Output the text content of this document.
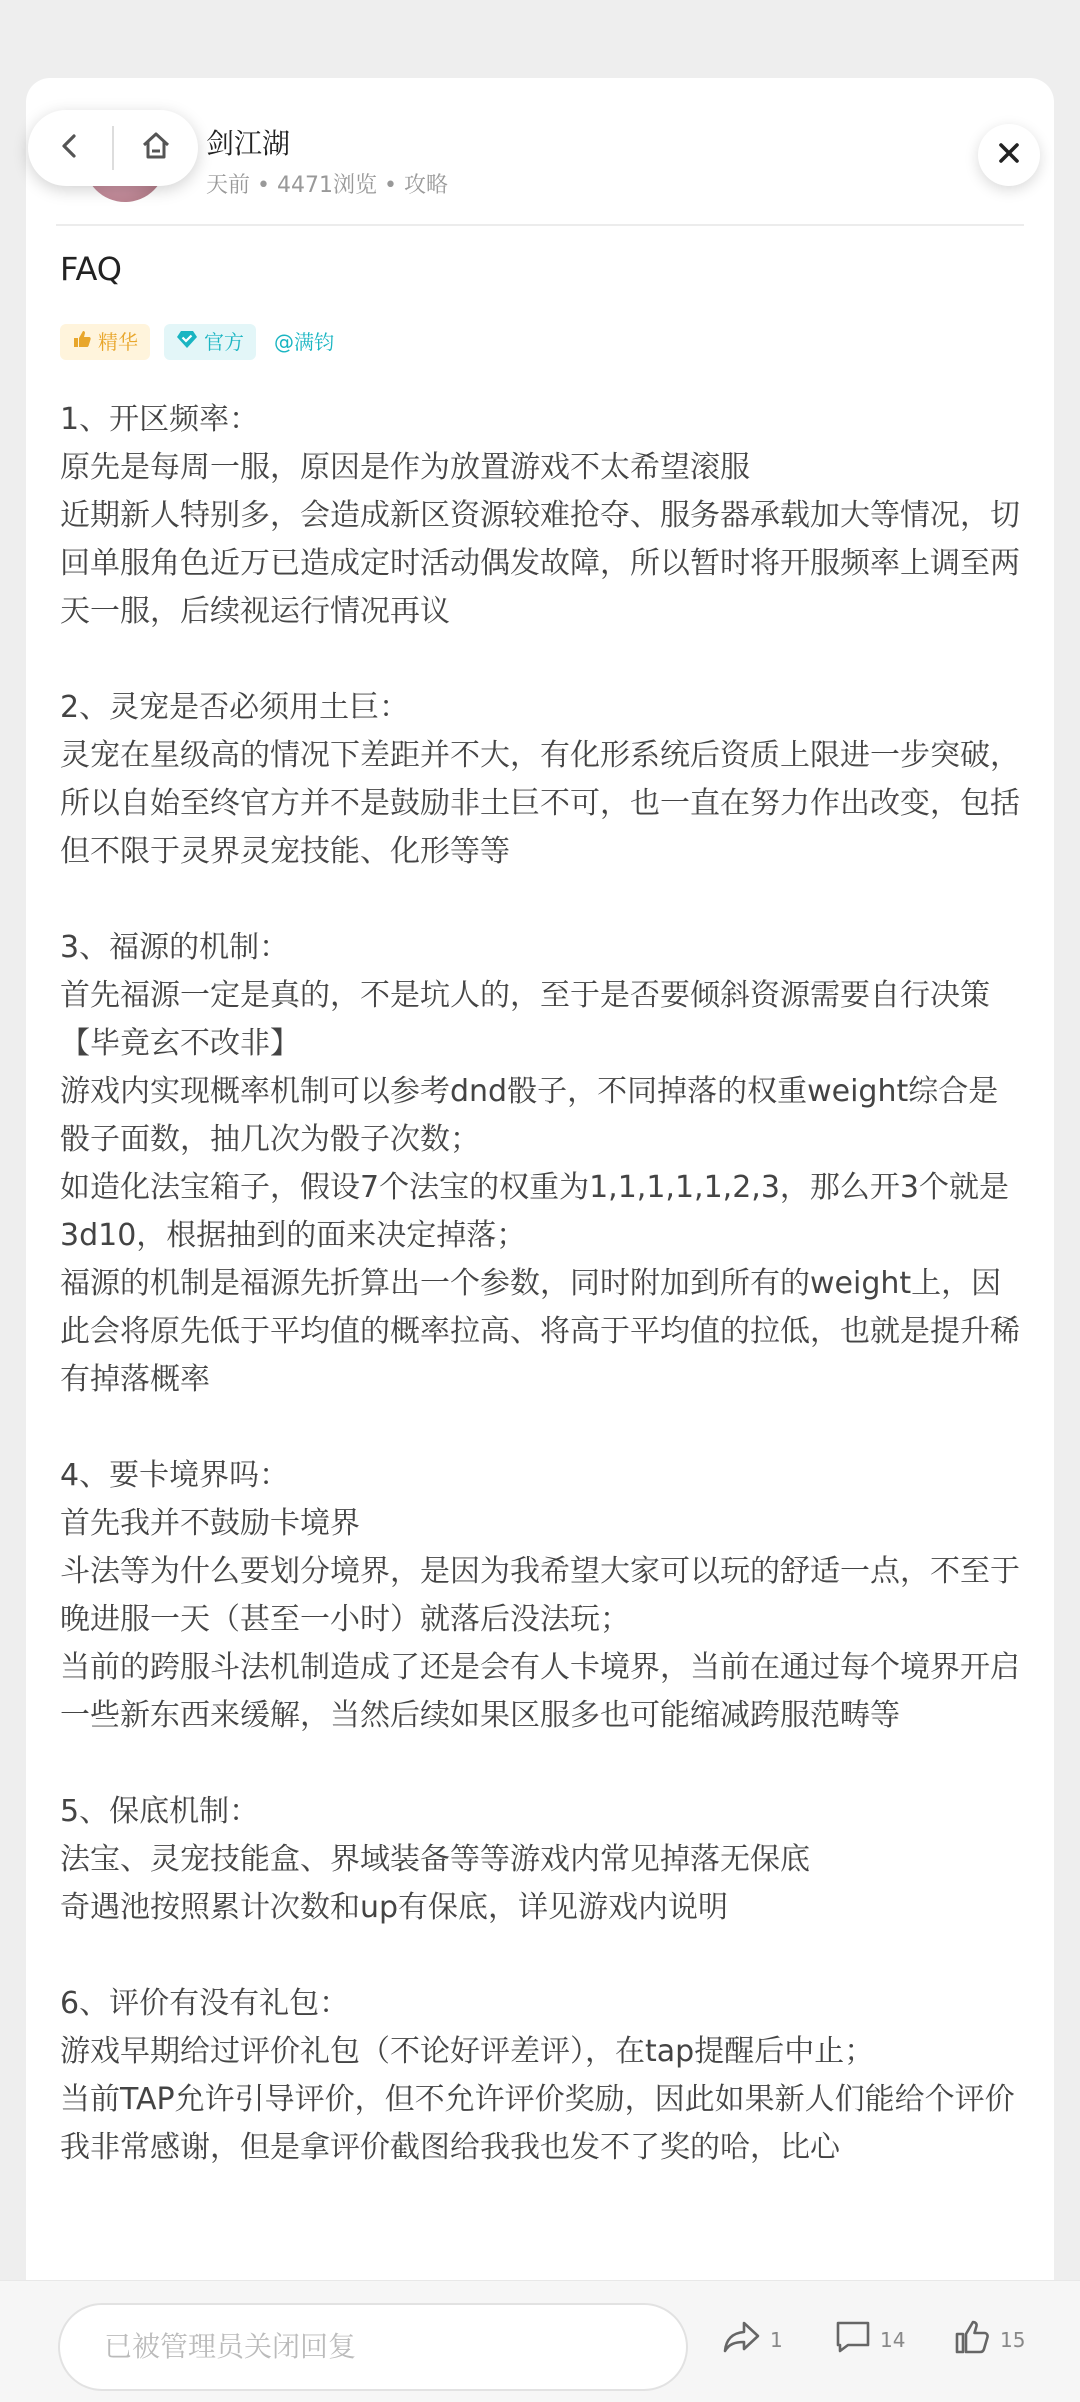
剑江湖
天前 • 4471浏览 • 攻略
FAQ
精华	官方 @满钧

1、开区频率：
原先是每周一服，原因是作为放置游戏不太希望滚服
近期新人特别多，会造成新区资源较难抢夺、服务器承载加大等情况，切回单服角色近万已造成定时活动偶发故障，所以暂时将开服频率上调至两天一服，后续视运行情况再议

2、灵宠是否必须用土巨：
灵宠在星级高的情况下差距并不大，有化形系统后资质上限进一步突破，所以自始至终官方并不是鼓励非土巨不可，也一直在努力作出改变，包括但不限于灵界灵宠技能、化形等等

3、福源的机制：
首先福源一定是真的，不是坑人的，至于是否要倾斜资源需要自行决策【毕竟玄不改非】
游戏内实现概率机制可以参考dnd骰子，不同掉落的权重weight综合是骰子面数，抽几次为骰子次数；
如造化法宝箱子，假设7个法宝的权重为1,1,1,1,1,2,3，那么开3个就是3d10，根据抽到的面来决定掉落；
福源的机制是福源先折算出一个参数，同时附加到所有的weight上，因此会将原先低于平均值的概率拉高、将高于平均值的拉低，也就是提升稀有掉落概率

4、要卡境界吗：
首先我并不鼓励卡境界
斗法等为什么要划分境界，是因为我希望大家可以玩的舒适一点，不至于晚进服一天（甚至一小时）就落后没法玩；
当前的跨服斗法机制造成了还是会有人卡境界，当前在通过每个境界开启一些新东西来缓解，当然后续如果区服多也可能缩减跨服范畴等

5、保底机制：
法宝、灵宠技能盒、界域装备等等游戏内常见掉落无保底
奇遇池按照累计次数和up有保底，详见游戏内说明

6、评价有没有礼包：
游戏早期给过评价礼包（不论好评差评），在tap提醒后中止；
当前TAP允许引导评价，但不允许评价奖励，因此如果新人们能给个评价我非常感谢，但是拿评价截图给我我也发不了奖的哈，比心

已被管理员关闭回复	1	14	15
